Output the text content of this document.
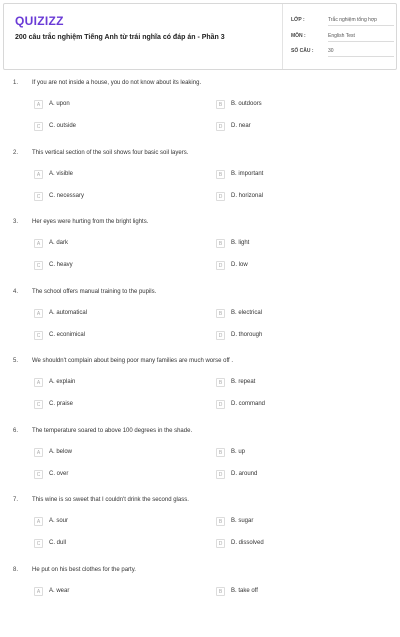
QUIZIZZ
200 câu trắc nghiệm Tiếng Anh từ trái nghĩa có đáp án - Phần 3
LỚP :	Trắc nghiệm tổng hợp
MÔN :	English Test
SỐ CÂU :	30
1. If you are not inside a house, you do not know about its leaking.
A	A. upon	B	B. outdoors
C	C. outside	D	D. near
2. This vertical section of the soil shows four basic soil layers.
A	A. visible	B	B. important
C	C. necessary	D	D. horizonal
3. Her eyes were hurting from the bright lights.
A	A. dark	B	B. light
C	C. heavy	D	D. low
4. The school offers manual training to the pupils.
A	A. automatical	B	B. electrical
C	C. econimical	D	D. thorough
5. We shouldn't complain about being poor many families are much worse off .
A	A. explain	B	B. repeat
C	C. praise	D	D. command
6. The temperature soared to above 100 degrees in the shade.
A	A. below	B	B. up
C	C. over	D	D. around
7. This wine is so sweet that I couldn't drink the second glass.
A	A. sour	B	B. sugar
C	C. dull	D	D. dissolved
8. He put on his best clothes for the party.
A	A. wear	B	B. take off
